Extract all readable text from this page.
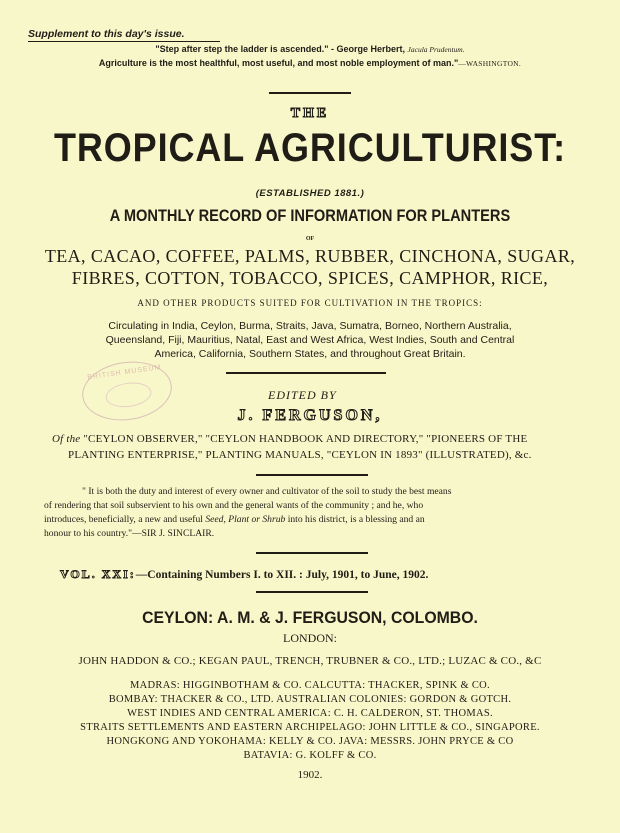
Supplement to this day's issue.
"Step after step the ladder is ascended." - George Herbert, Jacula Prudentum.
Agriculture is the most healthful, most useful, and most noble employment of man."—WASHINGTON.
THE
TROPICAL AGRICULTURIST:
(ESTABLISHED 1881.)
A MONTHLY RECORD OF INFORMATION FOR PLANTERS
OF
TEA, CACAO, COFFEE, PALMS, RUBBER, CINCHONA, SUGAR,
FIBRES, COTTON, TOBACCO, SPICES, CAMPHOR, RICE,
AND OTHER PRODUCTS SUITED FOR CULTIVATION IN THE TROPICS:
Circulating in India, Ceylon, Burma, Straits, Java, Sumatra, Borneo, Northern Australia,
Queensland, Fiji, Mauritius, Natal, East and West Africa, West Indies, South and Central
America, California, Southern States, and throughout Great Britain.
BRITISH MUSEUM
EDITED BY
J. FERGUSON,
Of the "CEYLON OBSERVER," "CEYLON HANDBOOK AND DIRECTORY," "PIONEERS OF THE
PLANTING ENTERPRISE," PLANTING MANUALS, "CEYLON IN 1893" (ILLUSTRATED), &c.
" It is both the duty and interest of every owner and cultivator of the soil to study the best means
of rendering that soil subservient to his own and the general wants of the community ; and he, who
introduces, beneficially, a new and useful Seed, Plant or Shrub into his district, is a blessing and an
honour to his country."—SIR J. SINCLAIR.
VOL. XXI:—Containing Numbers I. to XII. : July, 1901, to June, 1902.
CEYLON: A. M. & J. FERGUSON, COLOMBO.
LONDON:
JOHN HADDON & CO.; KEGAN PAUL, TRENCH, TRUBNER & CO., LTD.; LUZAC & CO., &C
MADRAS: HIGGINBOTHAM & CO. CALCUTTA: THACKER, SPINK & CO.
BOMBAY: THACKER & CO., LTD. AUSTRALIAN COLONIES: GORDON & GOTCH.
WEST INDIES AND CENTRAL AMERICA: C. H. CALDERON, ST. THOMAS.
STRAITS SETTLEMENTS AND EASTERN ARCHIPELAGO: JOHN LITTLE & CO., SINGAPORE.
HONGKONG AND YOKOHAMA: KELLY & CO. JAVA: MESSRS. JOHN PRYCE & CO
BATAVIA: G. KOLFF & CO.
1902.
